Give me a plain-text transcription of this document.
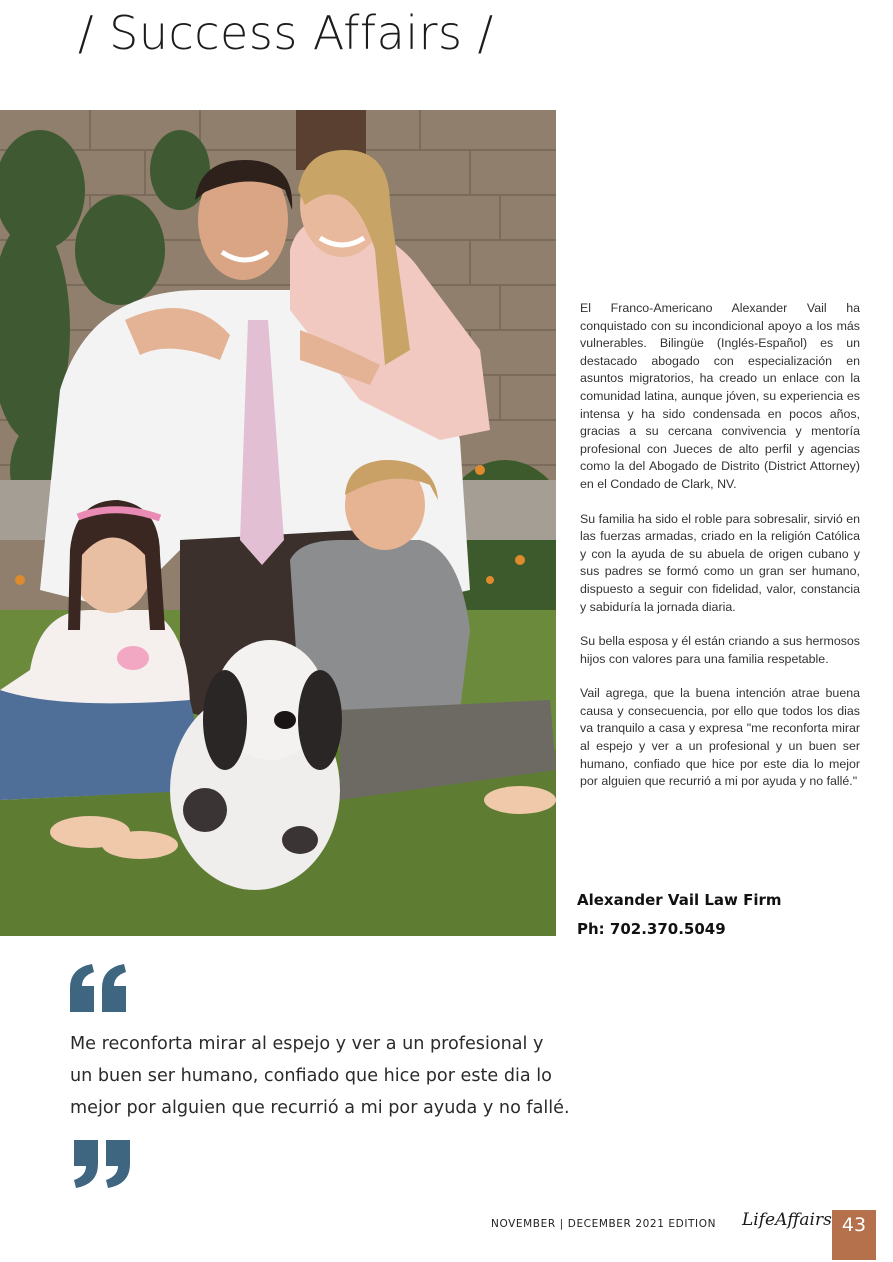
/ Success Affairs /

El Franco-Americano Alexander Vail ha conquistado con su incondicional apoyo a los más vulnerables. Bilingüe (Inglés-Español) es un destacado abogado con especialización en asuntos migratorios, ha creado un enlace con la comunidad latina, aunque jóven, su experiencia es intensa y ha sido condensada en pocos años, gracias a su cercana convivencia y mentoría profesional con Jueces de alto perfil y agencias como la del Abogado de Distrito (District Attorney) en el Condado de Clark, NV.

Su familia ha sido el roble para sobresalir, sirvió en las fuerzas armadas, criado en la religión Católica y con la ayuda de su abuela de origen cubano y sus padres se formó como un gran ser humano, dispuesto a seguir con fidelidad, valor, constancia y sabiduría la jornada diaria.

Su bella esposa y él están criando a sus hermosos hijos con valores para una familia respetable.

Vail agrega, que la buena intención atrae buena causa y consecuencia, por ello que todos los dias va tranquilo a casa y expresa "me reconforta mirar al espejo y ver a un profesional y un buen ser humano, confiado que hice por este dia lo mejor por alguien que recurrió a mi por ayuda y no fallé."

Alexander Vail Law Firm
Ph: 702.370.5049
Me reconforta mirar al espejo y ver a un profesional y un buen ser humano, confiado que hice por este dia lo mejor por alguien que recurrió a mi por ayuda y no fallé.
NOVEMBER | DECEMBER 2021 EDITION LifeAffairs 43
